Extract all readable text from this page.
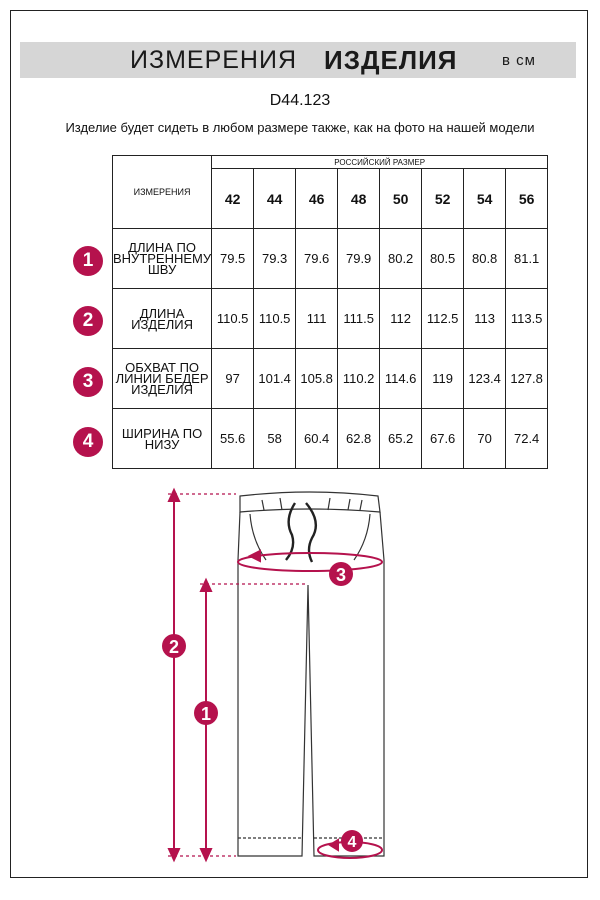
ИЗМЕРЕНИЯ ИЗДЕЛИЯ	в см
D44.123
Изделие будет сидеть в любом размере также, как на фото на нашей модели
ИЗМЕРЕНИЯ	РОССИЙСКИЙ РАЗМЕР							
	42	44	46	48	50	52	54	56
ДЛИНА ПО
ВНУТРЕННЕМУ
ШВУ	79.5	79.3	79.6	79.9	80.2	80.5	80.8	81.1
ДЛИНА
ИЗДЕЛИЯ	110.5	110.5	111	111.5	112	112.5	113	113.5
ОБХВАТ ПО
ЛИНИИ БЕДЕР
ИЗДЕЛИЯ	97	101.4	105.8	110.2	114.6	119	123.4	127.8
ШИРИНА ПО
НИЗУ	55.6	58	60.4	62.8	65.2	67.6	70	72.4
1
2
3
4
1
2
3
4
